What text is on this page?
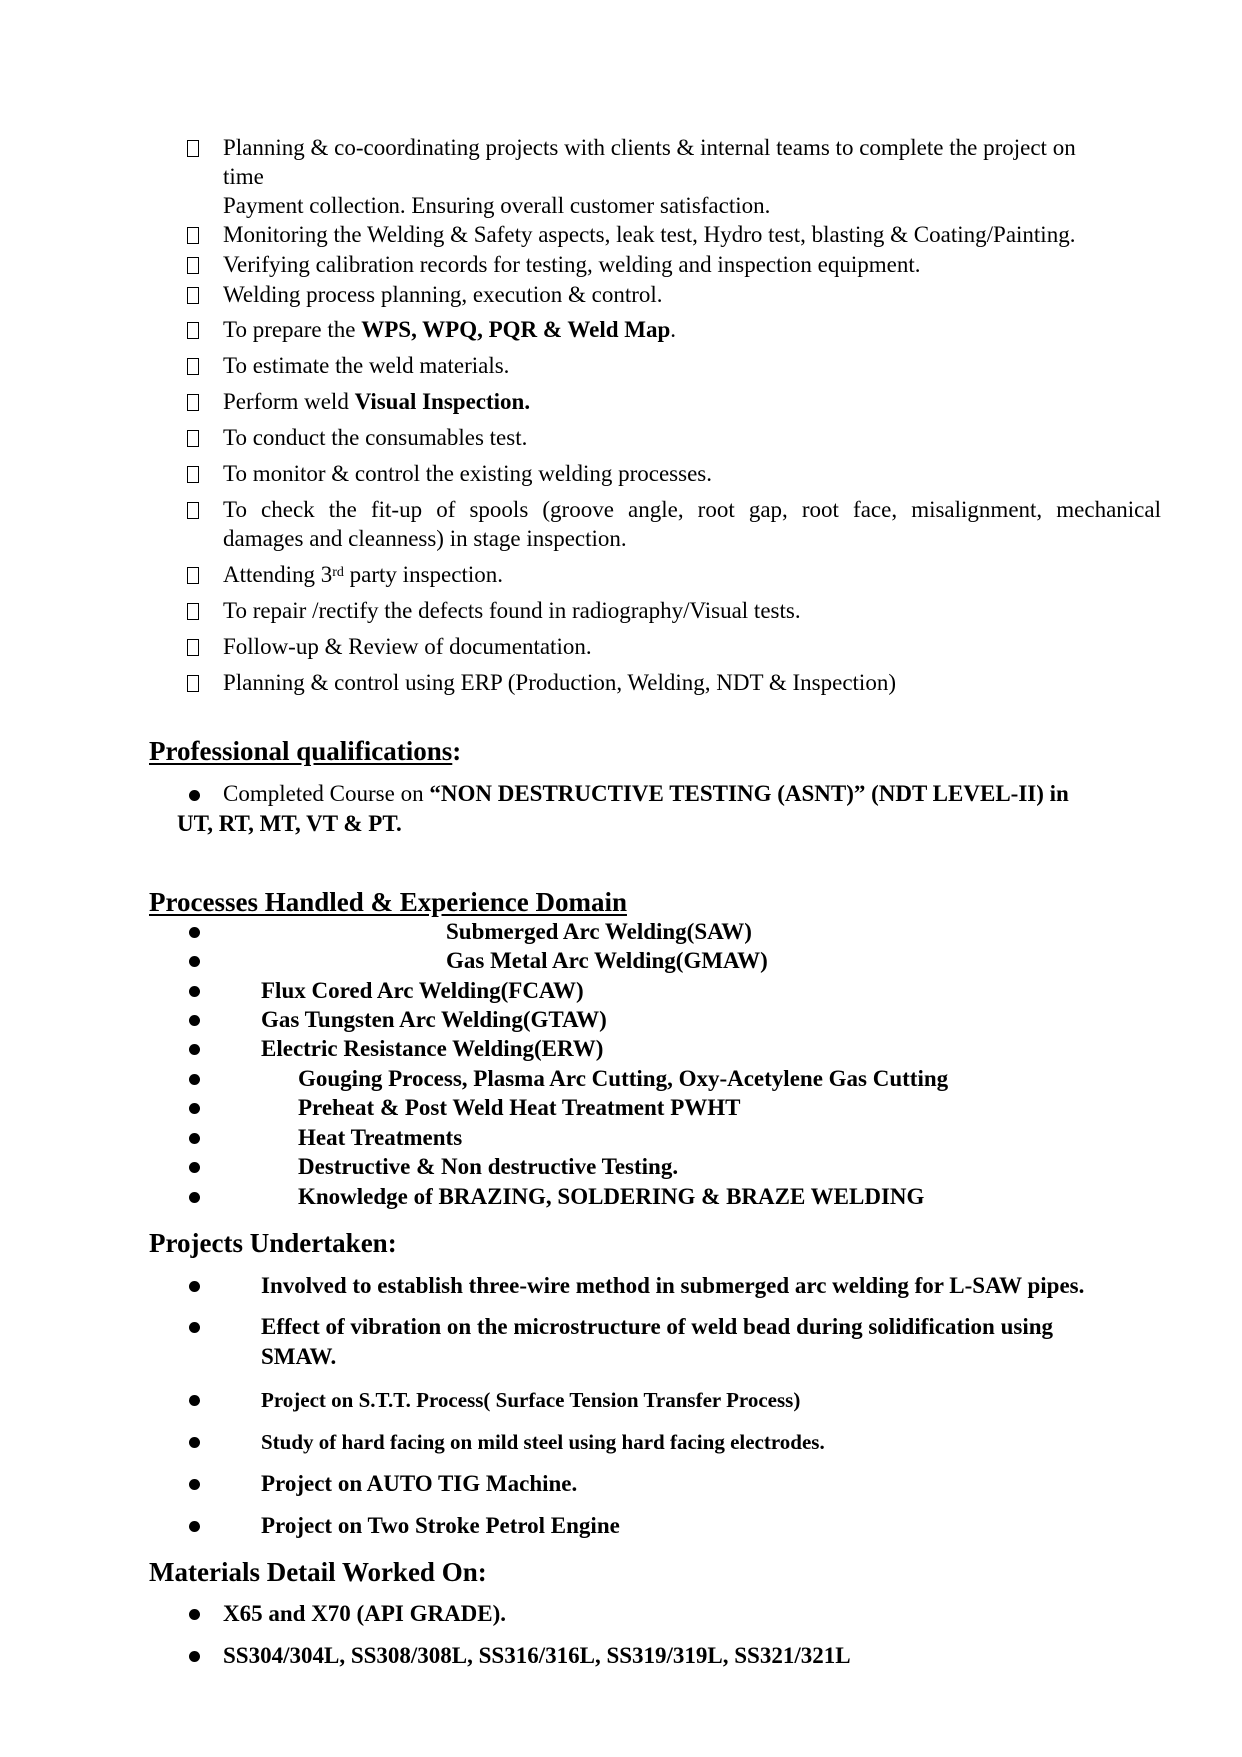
Planning & co-coordinating projects with clients & internal teams to complete the project on
time
Payment collection. Ensuring overall customer satisfaction.
Monitoring the Welding & Safety aspects, leak test, Hydro test, blasting & Coating/Painting.
Verifying calibration records for testing, welding and inspection equipment.
Welding process planning, execution & control.
To prepare the WPS, WPQ, PQR & Weld Map.
To estimate the weld materials.
Perform weld Visual Inspection.
To conduct the consumables test.
To monitor & control the existing welding processes.
To check the fit-up of spools (groove angle, root gap, root face, misalignment, mechanical
damages and cleanness) in stage inspection.
Attending 3rd party inspection.
To repair /rectify the defects found in radiography/Visual tests.
Follow-up & Review of documentation.
Planning & control using ERP (Production, Welding, NDT & Inspection)
Professional qualifications:
Completed Course on “NON DESTRUCTIVE TESTING (ASNT)” (NDT LEVEL-II) in
UT, RT, MT, VT & PT.
Processes Handled & Experience Domain
Submerged Arc Welding(SAW)
Gas Metal Arc Welding(GMAW)
Flux Cored Arc Welding(FCAW)
Gas Tungsten Arc Welding(GTAW)
Electric Resistance Welding(ERW)
Gouging Process, Plasma Arc Cutting, Oxy-Acetylene Gas Cutting
Preheat & Post Weld Heat Treatment PWHT
Heat Treatments
Destructive & Non destructive Testing.
Knowledge of BRAZING, SOLDERING & BRAZE WELDING
Projects Undertaken:
Involved to establish three-wire method in submerged arc welding for L-SAW pipes.
Effect of vibration on the microstructure of weld bead during solidification using
SMAW.
Project on S.T.T. Process( Surface Tension Transfer Process)
Study of hard facing on mild steel using hard facing electrodes.
Project on AUTO TIG Machine.
Project on Two Stroke Petrol Engine
Materials Detail Worked On:
X65 and X70 (API GRADE).
SS304/304L, SS308/308L, SS316/316L, SS319/319L, SS321/321L
